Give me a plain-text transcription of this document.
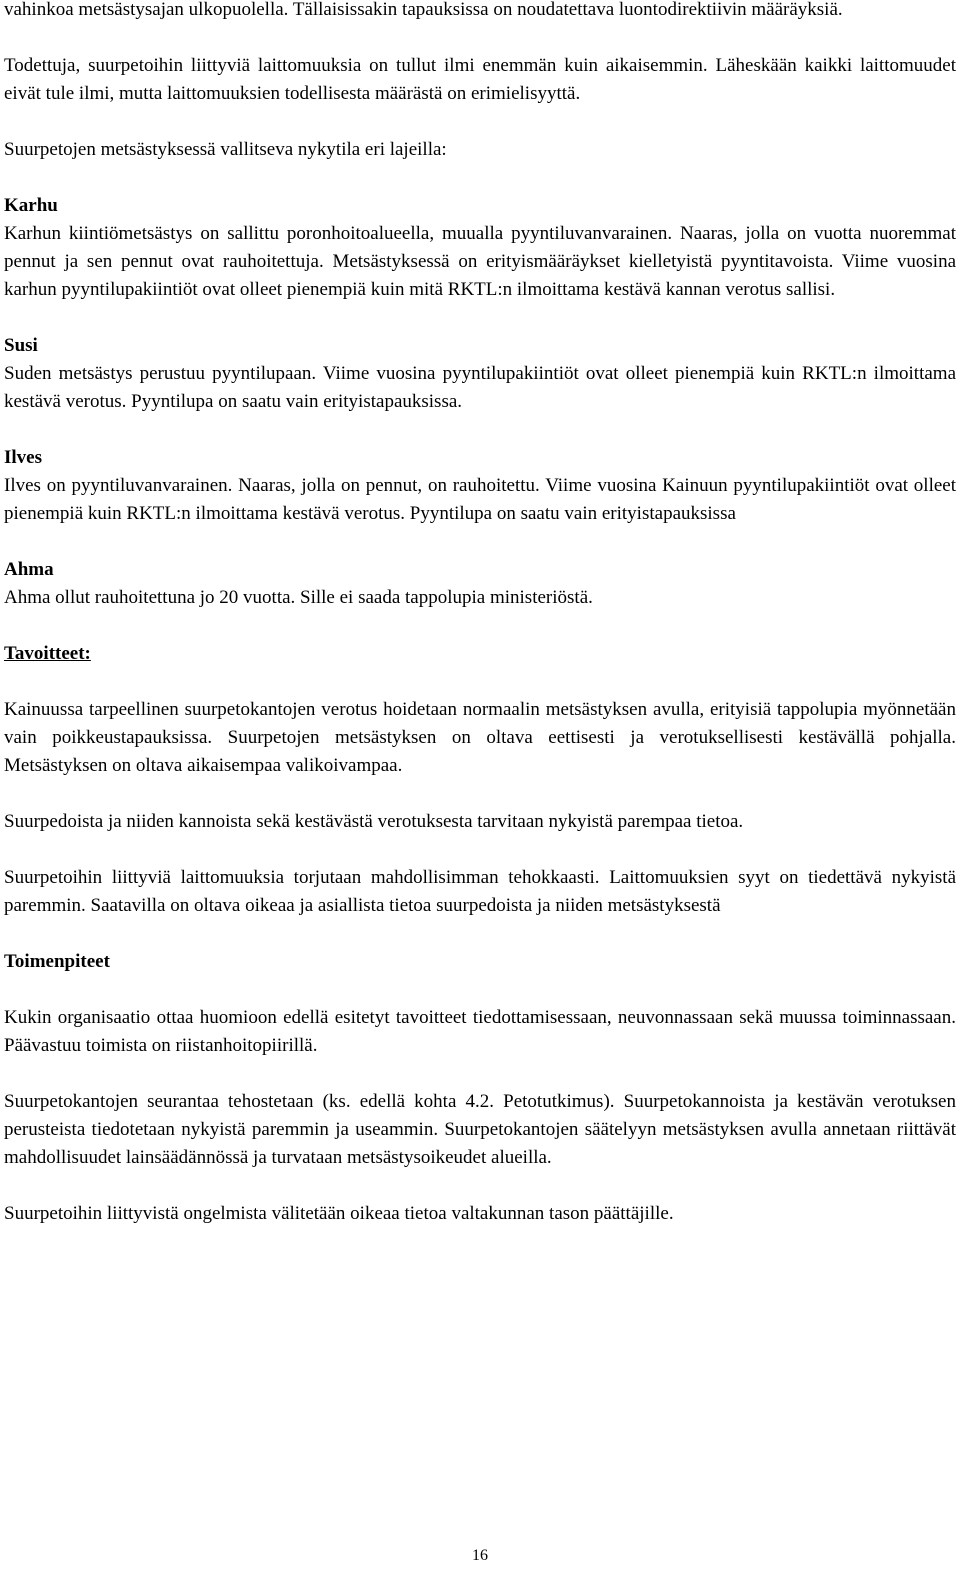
vahinkoa metsästysajan ulkopuolella. Tällaisissakin tapauksissa on noudatettava luontodirektiivin määräyksiä.

Todettuja, suurpetoihin liittyviä laittomuuksia on tullut ilmi enemmän kuin aikaisemmin. Läheskään kaikki laittomuudet eivät tule ilmi, mutta laittomuuksien todellisesta määrästä on erimielisyyttä.

Suurpetojen metsästyksessä vallitseva nykytila eri lajeilla:

Karhu

Karhun kiintiömetsästys on sallittu poronhoitoalueella, muualla pyyntiluvanvarainen. Naaras, jolla on vuotta nuoremmat pennut ja sen pennut ovat rauhoitettuja. Metsästyksessä on erityismääräykset kielletyistä pyyntitavoista. Viime vuosina karhun pyyntilupakiintiöt ovat olleet pienempiä kuin mitä RKTL:n ilmoittama kestävä kannan verotus sallisi.

Susi

Suden metsästys perustuu pyyntilupaan. Viime vuosina pyyntilupakiintiöt ovat olleet pienempiä kuin RKTL:n ilmoittama kestävä verotus. Pyyntilupa on saatu vain erityistapauksissa.

Ilves

Ilves on pyyntiluvanvarainen. Naaras, jolla on pennut, on rauhoitettu. Viime vuosina Kainuun pyyntilupakiintiöt ovat olleet pienempiä kuin RKTL:n ilmoittama kestävä verotus. Pyyntilupa on saatu vain erityistapauksissa

Ahma

Ahma ollut rauhoitettuna jo 20 vuotta. Sille ei saada tappolupia ministeriöstä.

Tavoitteet:

Kainuussa tarpeellinen suurpetokantojen verotus hoidetaan normaalin metsästyksen avulla, erityisiä tappolupia myönnetään vain poikkeustapauksissa. Suurpetojen metsästyksen on oltava eettisesti ja verotuksellisesti kestävällä pohjalla. Metsästyksen on oltava aikaisempaa valikoivampaa.

Suurpedoista ja niiden kannoista sekä kestävästä verotuksesta tarvitaan nykyistä parempaa tietoa.

Suurpetoihin liittyviä laittomuuksia torjutaan mahdollisimman tehokkaasti. Laittomuuksien syyt on tiedettävä nykyistä paremmin. Saatavilla on oltava oikeaa ja asiallista tietoa suurpedoista ja niiden metsästyksestä

Toimenpiteet

Kukin organisaatio ottaa huomioon edellä esitetyt tavoitteet tiedottamisessaan, neuvonnassaan sekä muussa toiminnassaan. Päävastuu toimista on riistanhoitopiirillä.

Suurpetokantojen seurantaa tehostetaan (ks. edellä kohta 4.2. Petotutkimus). Suurpetokannoista ja kestävän verotuksen perusteista tiedotetaan nykyistä paremmin ja useammin. Suurpetokantojen säätelyyn metsästyksen avulla annetaan riittävät mahdollisuudet lainsäädännössä ja turvataan metsästysoikeudet alueilla.

Suurpetoihin liittyvistä ongelmista välitetään oikeaa tietoa valtakunnan tason päättäjille.

16
